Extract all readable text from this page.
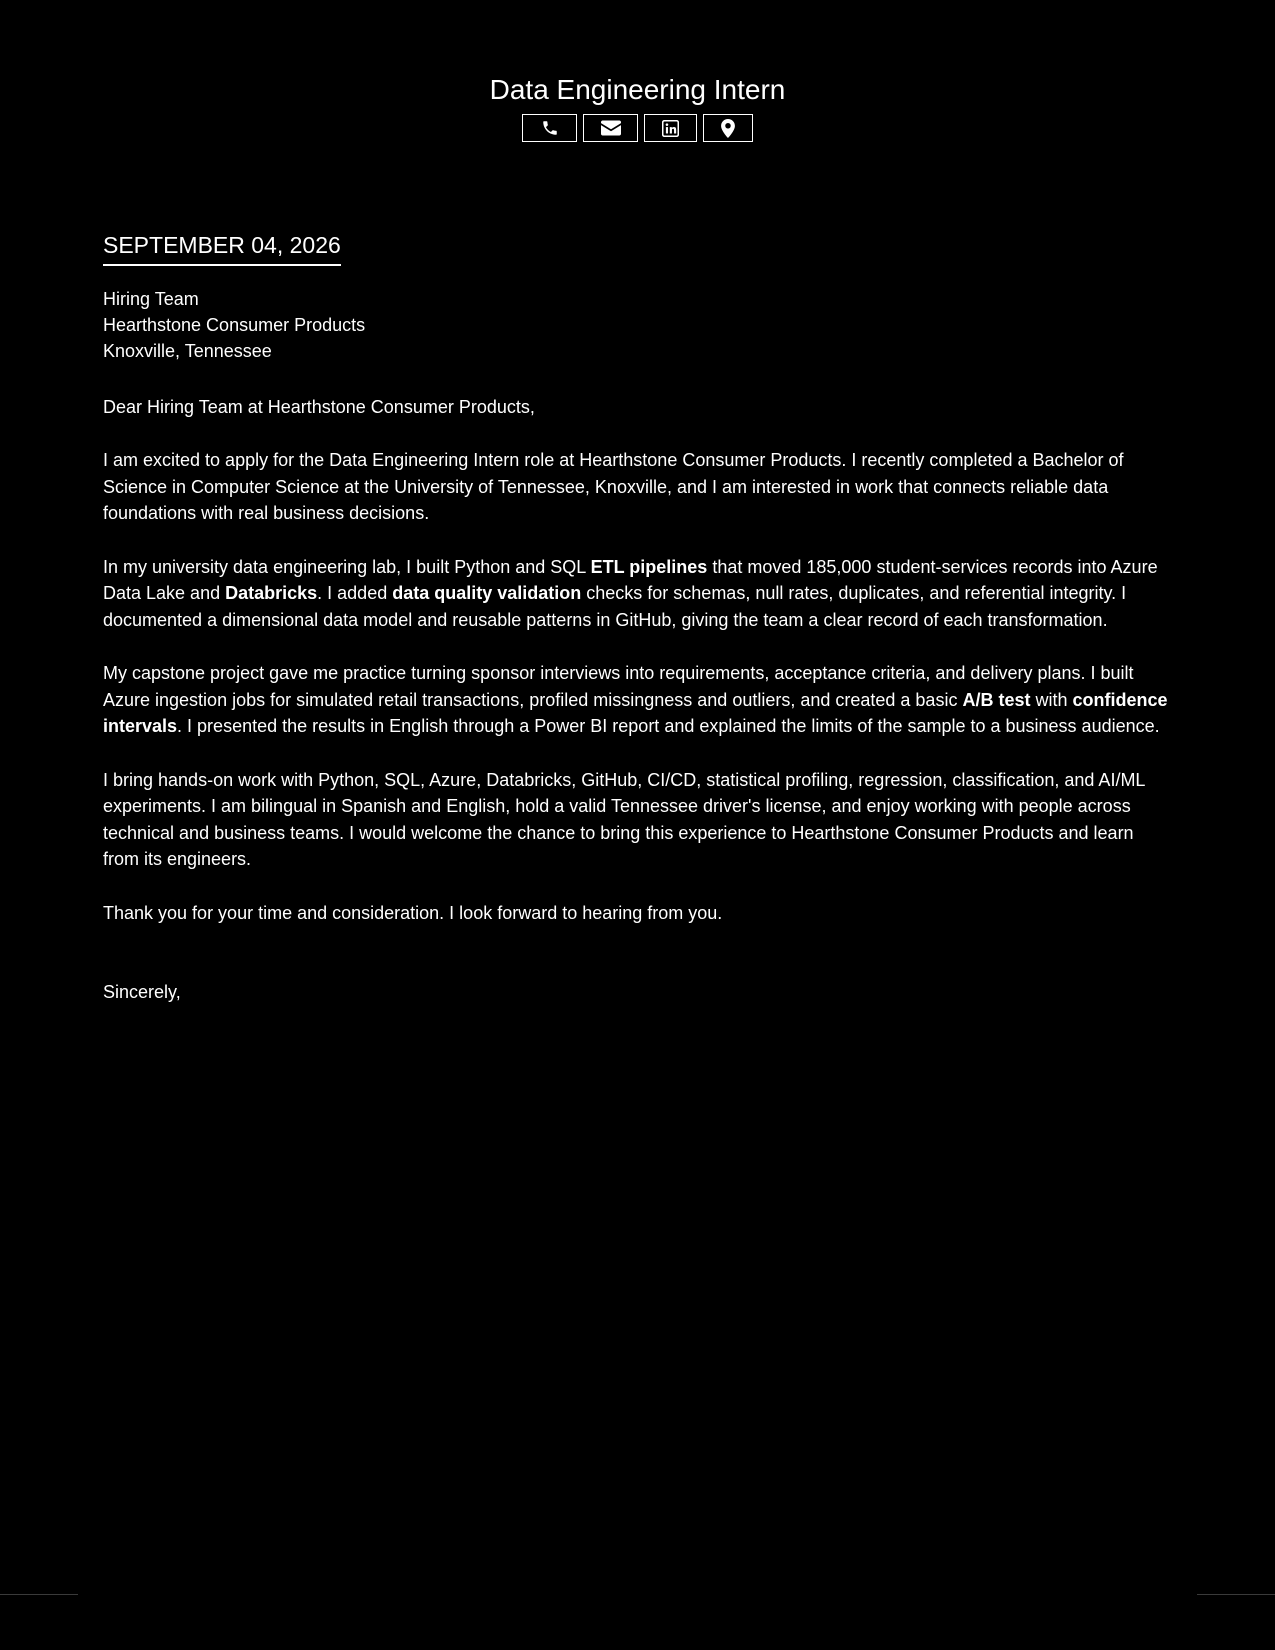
Data Engineering Intern
SEPTEMBER 04, 2026
Hiring Team
Hearthstone Consumer Products
Knoxville, Tennessee
Dear Hiring Team at Hearthstone Consumer Products,
I am excited to apply for the Data Engineering Intern role at Hearthstone Consumer Products. I recently completed a Bachelor of Science in Computer Science at the University of Tennessee, Knoxville, and I am interested in work that connects reliable data foundations with real business decisions.
In my university data engineering lab, I built Python and SQL ETL pipelines that moved 185,000 student-services records into Azure Data Lake and Databricks. I added data quality validation checks for schemas, null rates, duplicates, and referential integrity. I documented a dimensional data model and reusable patterns in GitHub, giving the team a clear record of each transformation.
My capstone project gave me practice turning sponsor interviews into requirements, acceptance criteria, and delivery plans. I built Azure ingestion jobs for simulated retail transactions, profiled missingness and outliers, and created a basic A/B test with confidence intervals. I presented the results in English through a Power BI report and explained the limits of the sample to a business audience.
I bring hands-on work with Python, SQL, Azure, Databricks, GitHub, CI/CD, statistical profiling, regression, classification, and AI/ML experiments. I am bilingual in Spanish and English, hold a valid Tennessee driver's license, and enjoy working with people across technical and business teams. I would welcome the chance to bring this experience to Hearthstone Consumer Products and learn from its engineers.
Thank you for your time and consideration. I look forward to hearing from you.
Sincerely,
